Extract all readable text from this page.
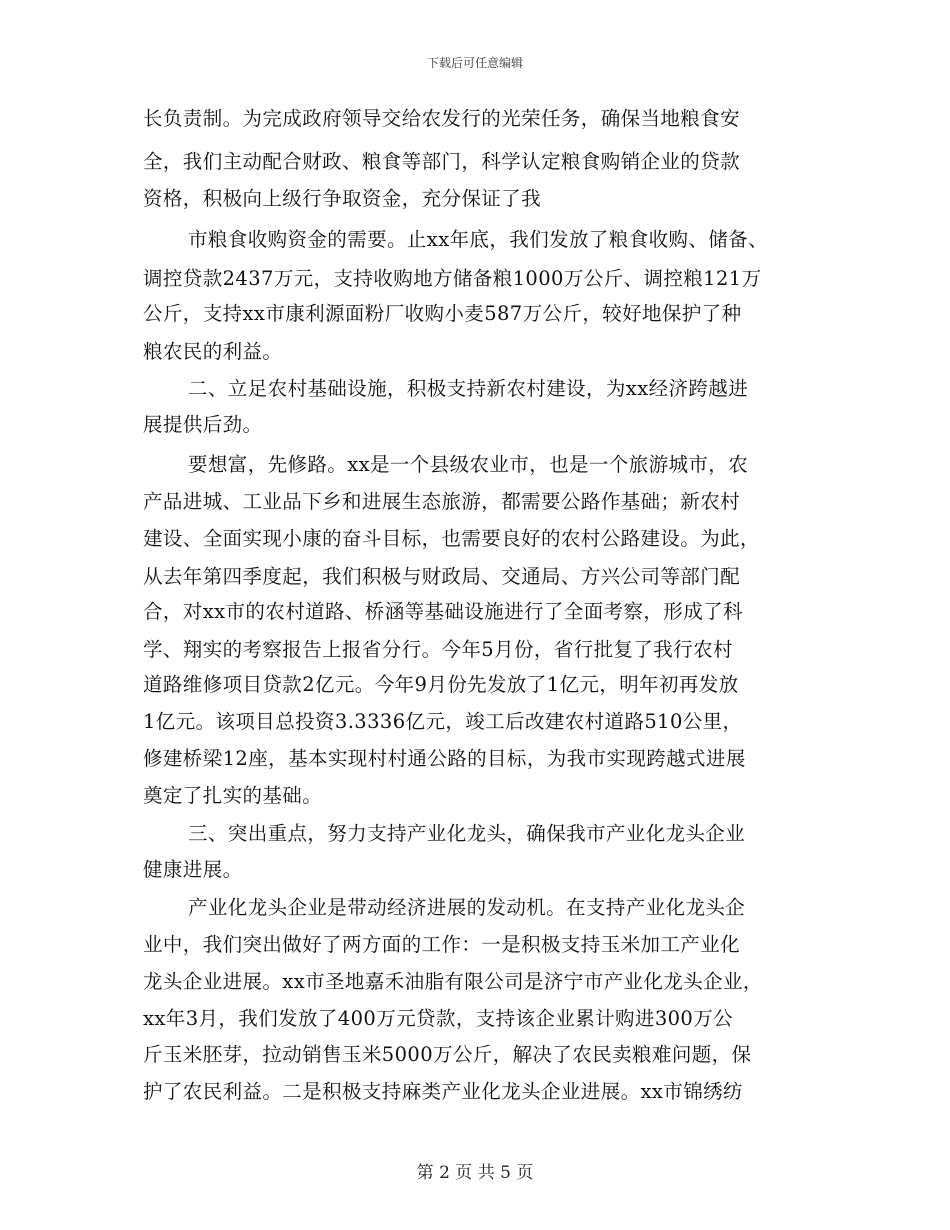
下载后可任意编辑
长负责制。为完成政府领导交给农发行的光荣任务，确保当地粮食安
全，我们主动配合财政、粮食等部门，科学认定粮食购销企业的贷款
资格，积极向上级行争取资金，充分保证了我
市粮食收购资金的需要。止xx年底，我们发放了粮食收购、储备、
调控贷款2437万元，支持收购地方储备粮1000万公斤、调控粮121万
公斤，支持xx市康利源面粉厂收购小麦587万公斤，较好地保护了种
粮农民的利益。
二、立足农村基础设施，积极支持新农村建设，为xx经济跨越进
展提供后劲。
要想富，先修路。xx是一个县级农业市，也是一个旅游城市，农
产品进城、工业品下乡和进展生态旅游，都需要公路作基础；新农村
建设、全面实现小康的奋斗目标，也需要良好的农村公路建设。为此，
从去年第四季度起，我们积极与财政局、交通局、方兴公司等部门配
合，对xx市的农村道路、桥涵等基础设施进行了全面考察，形成了科
学、翔实的考察报告上报省分行。今年5月份，省行批复了我行农村
道路维修项目贷款2亿元。今年9月份先发放了1亿元，明年初再发放
1亿元。该项目总投资3.3336亿元，竣工后改建农村道路510公里，
修建桥梁12座，基本实现村村通公路的目标，为我市实现跨越式进展
奠定了扎实的基础。
三、突出重点，努力支持产业化龙头，确保我市产业化龙头企业
健康进展。
产业化龙头企业是带动经济进展的发动机。在支持产业化龙头企
业中，我们突出做好了两方面的工作：一是积极支持玉米加工产业化
龙头企业进展。xx市圣地嘉禾油脂有限公司是济宁市产业化龙头企业，
xx年3月，我们发放了400万元贷款，支持该企业累计购进300万公
斤玉米胚芽，拉动销售玉米5000万公斤，解决了农民卖粮难问题，保
护了农民利益。二是积极支持麻类产业化龙头企业进展。xx市锦绣纺
第 2 页 共 5 页
